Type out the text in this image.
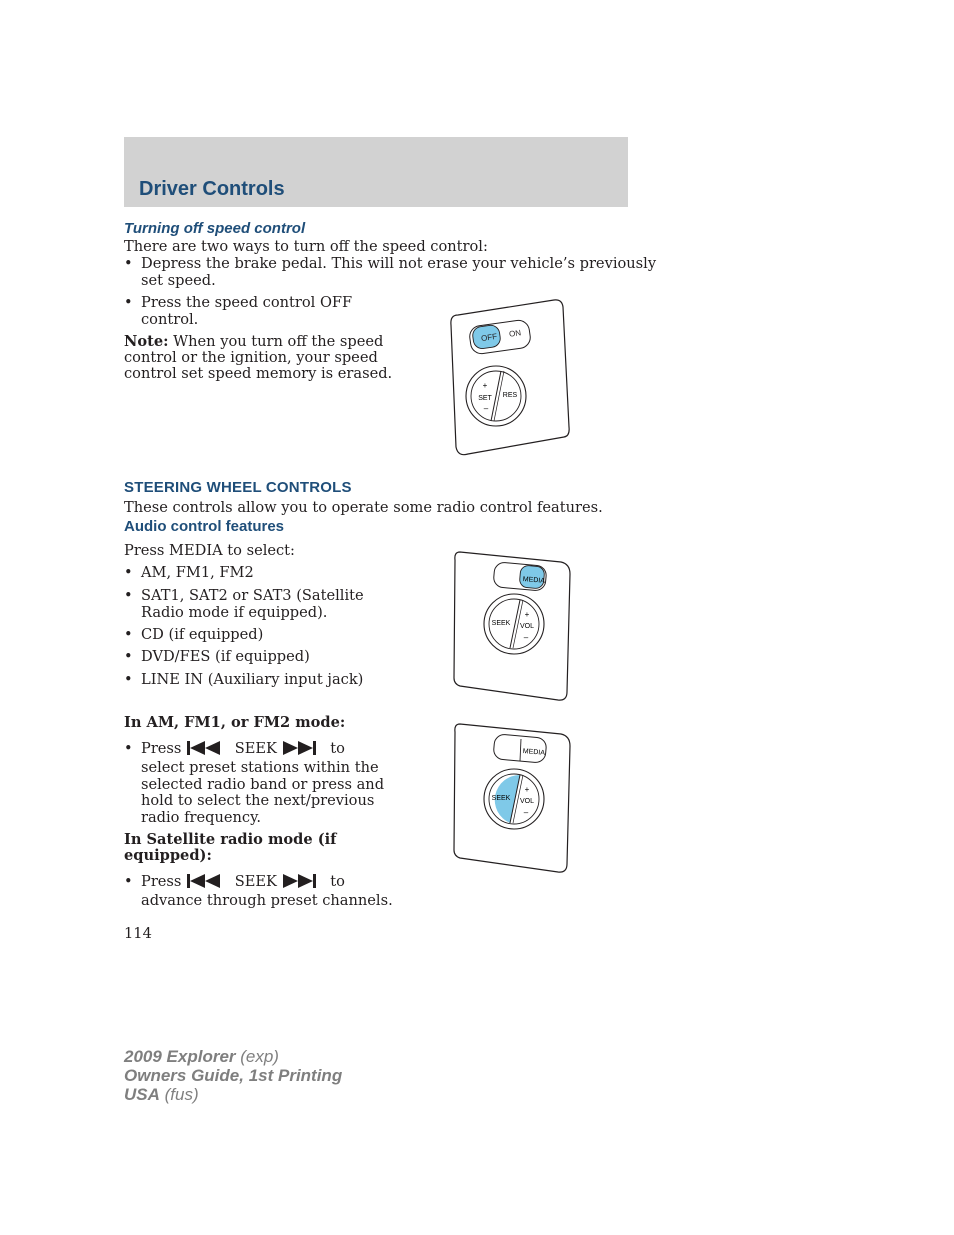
Driver Controls
Turning off speed control
There are two ways to turn off the speed control:
• Depress the brake pedal. This will not erase your vehicle’s previously
set speed.
• Press the speed control OFF
control.
Note: When you turn off the speed
control or the ignition, your speed
control set speed memory is erased.
OFF ON
+
SET
–
RES
STEERING WHEEL CONTROLS
These controls allow you to operate some radio control features.
Audio control features
Press MEDIA to select:
• AM, FM1, FM2
• SAT1, SAT2 or SAT3 (Satellite
Radio mode if equipped).
• CD (if equipped)
• DVD/FES (if equipped)
• LINE IN (Auxiliary input jack)
MEDIA
SEEK
+
VOL
–
In AM, FM1, or FM2 mode:
• Press	SEEK	to
select preset stations within the
selected radio band or press and
hold to select the next/previous
radio frequency.
In Satellite radio mode (if
equipped):
• Press	SEEK	to
advance through preset channels.
MEDIA
SEEK
+
VOL
–
114
2009 Explorer (exp)
Owners Guide, 1st Printing
USA (fus)
